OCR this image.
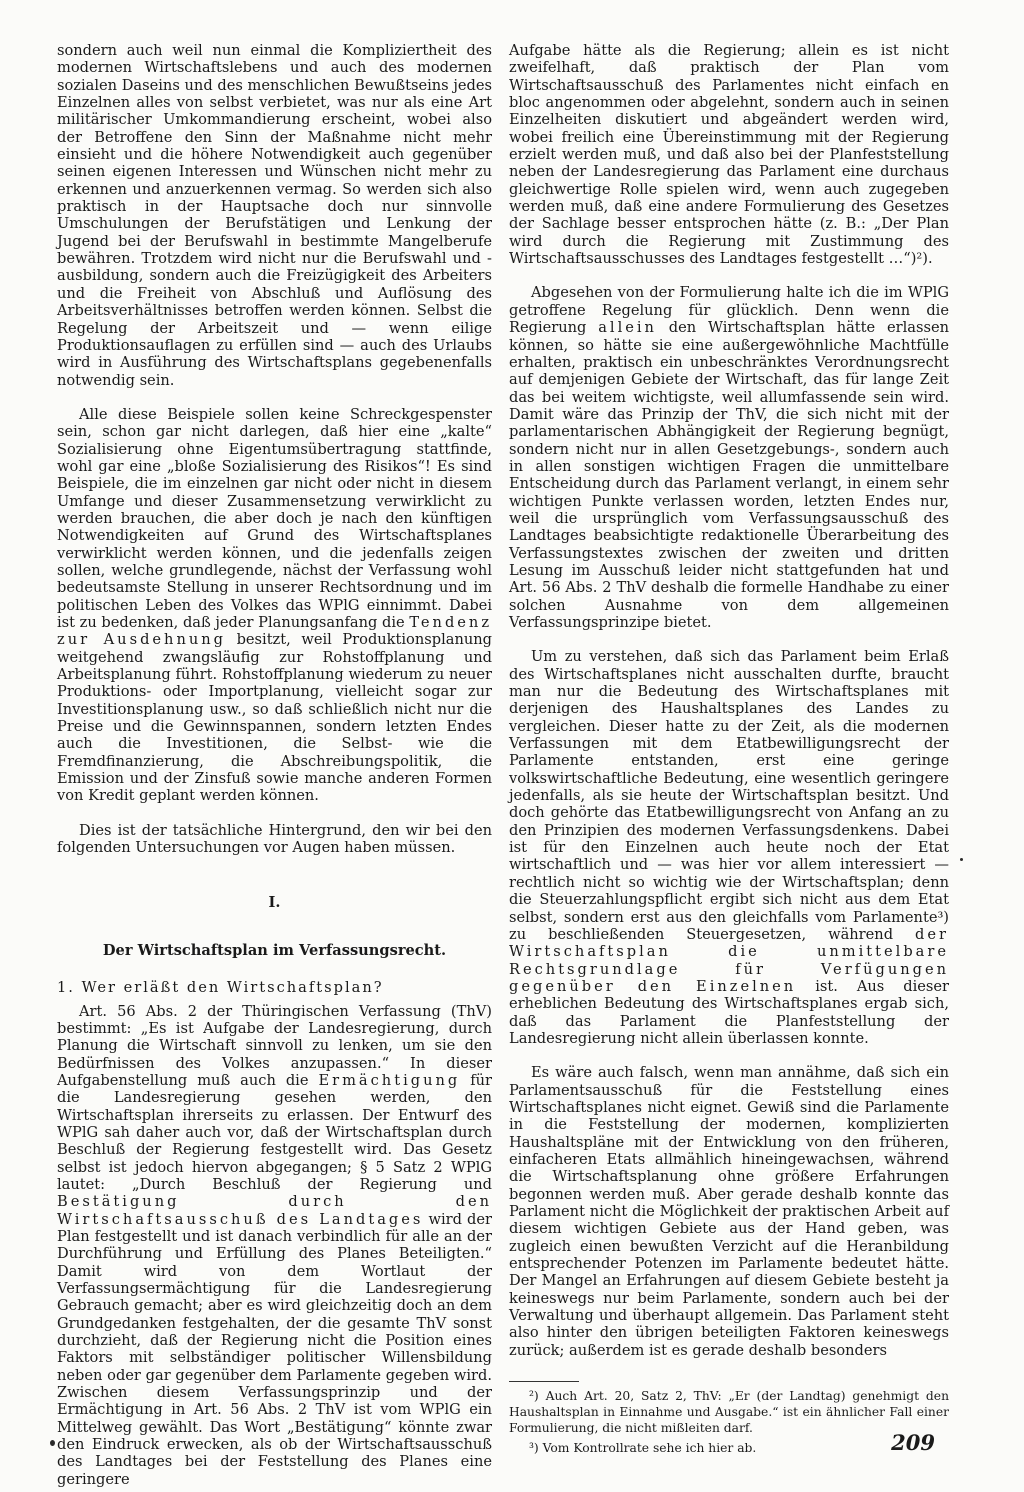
sondern auch weil nun einmal die Kompliziertheit des modernen Wirtschaftslebens und auch des modernen sozialen Daseins und des menschlichen Bewußtseins jedes Einzelnen alles von selbst verbietet, was nur als eine Art militärischer Umkommandierung erscheint, wobei also der Betroffene den Sinn der Maßnahme nicht mehr einsieht und die höhere Notwendigkeit auch gegenüber seinen eigenen Interessen und Wünschen nicht mehr zu erkennen und anzuerkennen vermag. So werden sich also praktisch in der Hauptsache doch nur sinnvolle Umschulungen der Berufstätigen und Lenkung der Jugend bei der Berufswahl in bestimmte Mangelberufe bewähren. Trotzdem wird nicht nur die Berufswahl und -ausbildung, sondern auch die Freizügigkeit des Arbeiters und die Freiheit von Abschluß und Auflösung des Arbeitsverhältnisses betroffen werden können. Selbst die Regelung der Arbeitszeit und — wenn eilige Produktionsauflagen zu erfüllen sind — auch des Urlaubs wird in Ausführung des Wirtschaftsplans gegebenenfalls notwendig sein.

Alle diese Beispiele sollen keine Schreckgespenster sein, schon gar nicht darlegen, daß hier eine „kalte“ Sozialisierung ohne Eigentumsübertragung stattfinde, wohl gar eine „bloße Sozialisierung des Risikos“! Es sind Beispiele, die im einzelnen gar nicht oder nicht in diesem Umfange und dieser Zusammensetzung verwirklicht zu werden brauchen, die aber doch je nach den künftigen Notwendigkeiten auf Grund des Wirtschaftsplanes verwirklicht werden können, und die jedenfalls zeigen sollen, welche grundlegende, nächst der Verfassung wohl bedeutsamste Stellung in unserer Rechtsordnung und im politischen Leben des Volkes das WPlG einnimmt. Dabei ist zu bedenken, daß jeder Planungsanfang die Tendenz zur Ausdehnung besitzt, weil Produktionsplanung weitgehend zwangsläufig zur Rohstoffplanung und Arbeitsplanung führt. Rohstoffplanung wiederum zu neuer Produktions- oder Importplanung, vielleicht sogar zur Investitionsplanung usw., so daß schließlich nicht nur die Preise und die Gewinnspannen, sondern letzten Endes auch die Investitionen, die Selbst- wie die Fremdfinanzierung, die Abschreibungspolitik, die Emission und der Zinsfuß sowie manche anderen Formen von Kredit geplant werden können.

Dies ist der tatsächliche Hintergrund, den wir bei den folgenden Untersuchungen vor Augen haben müssen.

I.
Der Wirtschaftsplan im Verfassungsrecht.
1. Wer erläßt den Wirtschaftsplan?

Art. 56 Abs. 2 der Thüringischen Verfassung (ThV) bestimmt: „Es ist Aufgabe der Landesregierung, durch Planung die Wirtschaft sinnvoll zu lenken, um sie den Bedürfnissen des Volkes anzupassen.“ In dieser Aufgabenstellung muß auch die Ermächtigung für die Landesregierung gesehen werden, den Wirtschaftsplan ihrerseits zu erlassen. Der Entwurf des WPlG sah daher auch vor, daß der Wirtschaftsplan durch Beschluß der Regierung festgestellt wird. Das Gesetz selbst ist jedoch hiervon abgegangen; § 5 Satz 2 WPlG lautet: „Durch Beschluß der Regierung und Bestätigung durch den Wirtschaftsausschuß des Landtages wird der Plan festgestellt und ist danach verbindlich für alle an der Durchführung und Erfüllung des Planes Beteiligten.“ Damit wird von dem Wortlaut der Verfassungsermächtigung für die Landesregierung Gebrauch gemacht; aber es wird gleichzeitig doch an dem Grundgedanken festgehalten, der die gesamte ThV sonst durchzieht, daß der Regierung nicht die Position eines Faktors mit selbständiger politischer Willensbildung neben oder gar gegenüber dem Parlamente gegeben wird. Zwischen diesem Verfassungsprinzip und der Ermächtigung in Art. 56 Abs. 2 ThV ist vom WPlG ein Mittelweg gewählt. Das Wort „Bestätigung“ könnte zwar den Eindruck erwecken, als ob der Wirtschaftsausschuß des Landtages bei der Feststellung des Planes eine geringere

Aufgabe hätte als die Regierung; allein es ist nicht zweifelhaft, daß praktisch der Plan vom Wirtschaftsausschuß des Parlamentes nicht einfach en bloc angenommen oder abgelehnt, sondern auch in seinen Einzelheiten diskutiert und abgeändert werden wird, wobei freilich eine Übereinstimmung mit der Regierung erzielt werden muß, und daß also bei der Planfeststellung neben der Landesregierung das Parlament eine durchaus gleichwertige Rolle spielen wird, wenn auch zugegeben werden muß, daß eine andere Formulierung des Gesetzes der Sachlage besser entsprochen hätte (z. B.: „Der Plan wird durch die Regierung mit Zustimmung des Wirtschaftsausschusses des Landtages festgestellt …“)²).

Abgesehen von der Formulierung halte ich die im WPlG getroffene Regelung für glücklich. Denn wenn die Regierung allein den Wirtschaftsplan hätte erlassen können, so hätte sie eine außergewöhnliche Machtfülle erhalten, praktisch ein unbeschränktes Verordnungsrecht auf demjenigen Gebiete der Wirtschaft, das für lange Zeit das bei weitem wichtigste, weil allumfassende sein wird. Damit wäre das Prinzip der ThV, die sich nicht mit der parlamentarischen Abhängigkeit der Regierung begnügt, sondern nicht nur in allen Gesetzgebungs-, sondern auch in allen sonstigen wichtigen Fragen die unmittelbare Entscheidung durch das Parlament verlangt, in einem sehr wichtigen Punkte verlassen worden, letzten Endes nur, weil die ursprünglich vom Verfassungsausschuß des Landtages beabsichtigte redaktionelle Überarbeitung des Verfassungstextes zwischen der zweiten und dritten Lesung im Ausschuß leider nicht stattgefunden hat und Art. 56 Abs. 2 ThV deshalb die formelle Handhabe zu einer solchen Ausnahme von dem allgemeinen Verfassungsprinzipe bietet.

Um zu verstehen, daß sich das Parlament beim Erlaß des Wirtschaftsplanes nicht ausschalten durfte, braucht man nur die Bedeutung des Wirtschaftsplanes mit derjenigen des Haushaltsplanes des Landes zu vergleichen. Dieser hatte zu der Zeit, als die modernen Verfassungen mit dem Etatbewilligungsrecht der Parlamente entstanden, erst eine geringe volkswirtschaftliche Bedeutung, eine wesentlich geringere jedenfalls, als sie heute der Wirtschaftsplan besitzt. Und doch gehörte das Etatbewilligungsrecht von Anfang an zu den Prinzipien des modernen Verfassungsdenkens. Dabei ist für den Einzelnen auch heute noch der Etat wirtschaftlich und — was hier vor allem interessiert — rechtlich nicht so wichtig wie der Wirtschaftsplan; denn die Steuerzahlungspflicht ergibt sich nicht aus dem Etat selbst, sondern erst aus den gleichfalls vom Parlamente³) zu beschließenden Steuergesetzen, während der Wirtschaftsplan die unmittelbare Rechtsgrundlage für Verfügungen gegenüber den Einzelnen ist. Aus dieser erheblichen Bedeutung des Wirtschaftsplanes ergab sich, daß das Parlament die Planfeststellung der Landesregierung nicht allein überlassen konnte.

Es wäre auch falsch, wenn man annähme, daß sich ein Parlamentsausschuß für die Feststellung eines Wirtschaftsplanes nicht eignet. Gewiß sind die Parlamente in die Feststellung der modernen, komplizierten Haushaltspläne mit der Entwicklung von den früheren, einfacheren Etats allmählich hineingewachsen, während die Wirtschaftsplanung ohne größere Erfahrungen begonnen werden muß. Aber gerade deshalb konnte das Parlament nicht die Möglichkeit der praktischen Arbeit auf diesem wichtigen Gebiete aus der Hand geben, was zugleich einen bewußten Verzicht auf die Heranbildung entsprechender Potenzen im Parlamente bedeutet hätte. Der Mangel an Erfahrungen auf diesem Gebiete besteht ja keineswegs nur beim Parlamente, sondern auch bei der Verwaltung und überhaupt allgemein. Das Parlament steht also hinter den übrigen beteiligten Faktoren keineswegs zurück; außerdem ist es gerade deshalb besonders

²) Auch Art. 20, Satz 2, ThV: „Er (der Landtag) genehmigt den Haushaltsplan in Einnahme und Ausgabe.“ ist ein ähnlicher Fall einer Formulierung, die nicht mißleiten darf.

³) Vom Kontrollrate sehe ich hier ab.	209
